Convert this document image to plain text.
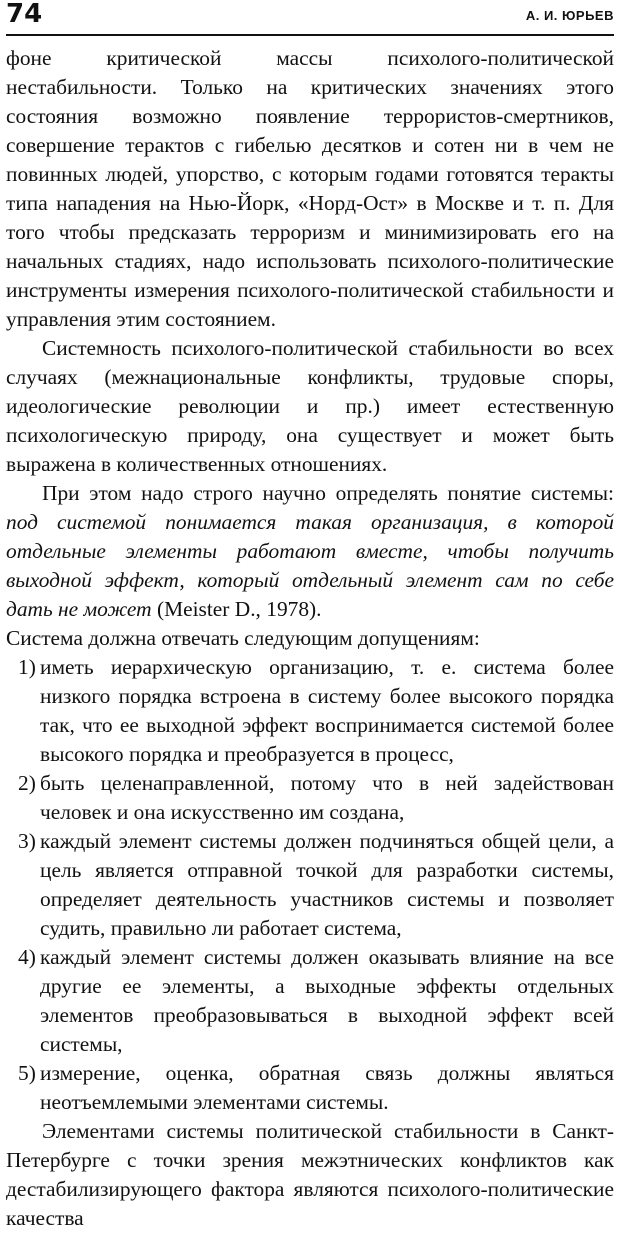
74	А. И. ЮРЬЕВ

фоне критической массы психолого-политической нестабильности. Только на критических значениях этого состояния возможно появление террористов-смертников, совершение терактов с гибелью десятков и сотен ни в чем не повинных людей, упорство, с которым годами готовятся теракты типа нападения на Нью-Йорк, «Норд-Ост» в Москве и т. п. Для того чтобы предсказать терроризм и минимизировать его на начальных стадиях, надо использовать психолого-политические инструменты измерения психолого-политической стабильности и управления этим состоянием.

Системность психолого-политической стабильности во всех случаях (межнациональные конфликты, трудовые споры, идеологические революции и пр.) имеет естественную психологическую природу, она существует и может быть выражена в количественных отношениях.

При этом надо строго научно определять понятие системы: под системой понимается такая организация, в которой отдельные элементы работают вместе, чтобы получить выходной эффект, который отдельный элемент сам по себе дать не может (Meister D., 1978).

Система должна отвечать следующим допущениям:

1) иметь иерархическую организацию, т. е. система более низкого порядка встроена в систему более высокого порядка так, что ее выходной эффект воспринимается системой более высокого порядка и преобразуется в процесс,
2) быть целенаправленной, потому что в ней задействован человек и она искусственно им создана,
3) каждый элемент системы должен подчиняться общей цели, а цель является отправной точкой для разработки системы, определяет деятельность участников системы и позволяет судить, правильно ли работает система,
4) каждый элемент системы должен оказывать влияние на все другие ее элементы, а выходные эффекты отдельных элементов преобразовываться в выходной эффект всей системы,
5) измерение, оценка, обратная связь должны являться неотъемлемыми элементами системы.

Элементами системы политической стабильности в Санкт-Петербурге с точки зрения межэтнических конфликтов как дестабилизирующего фактора являются психолого-политические качества
